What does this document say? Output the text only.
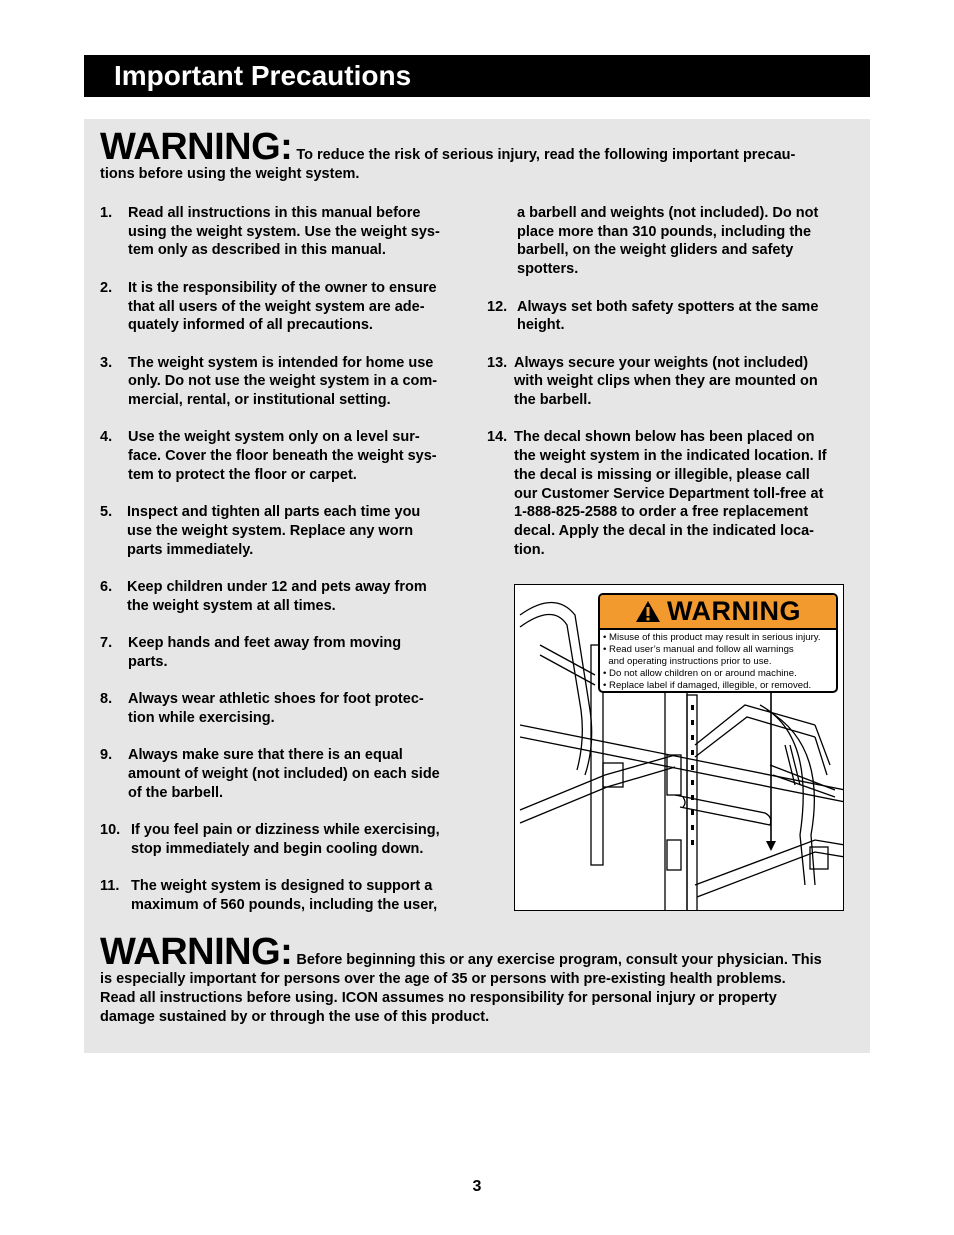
Important Precautions
WARNING: To reduce the risk of serious injury, read the following important precau-
tions before using the weight system.
1. Read all instructions in this manual before
using the weight system. Use the weight sys-
tem only as described in this manual.
2. It is the responsibility of the owner to ensure
that all users of the weight system are ade-
quately informed of all precautions.
3. The weight system is intended for home use
only. Do not use the weight system in a com-
mercial, rental, or institutional setting.
4. Use the weight system only on a level sur-
face. Cover the floor beneath the weight sys-
tem to protect the floor or carpet.
5. Inspect and tighten all parts each time you
use the weight system. Replace any worn
parts immediately.
6. Keep children under 12 and pets away from
the weight system at all times.
7. Keep hands and feet away from moving
parts.
8. Always wear athletic shoes for foot protec-
tion while exercising.
9. Always make sure that there is an equal
amount of weight (not included) on each side
of the barbell.
10. If you feel pain or dizziness while exercising,
stop immediately and begin cooling down.
11. The weight system is designed to support a
maximum of 560 pounds, including the user,
a barbell and weights (not included). Do not
place more than 310 pounds, including the
barbell, on the weight gliders and safety
spotters.
12. Always set both safety spotters at the same
height.
13. Always secure your weights (not included)
with weight clips when they are mounted on
the barbell.
14. The decal shown below has been placed on
the weight system in the indicated location. If
the decal is missing or illegible, please call
our Customer Service Department toll-free at
1-888-825-2588 to order a free replacement
decal. Apply the decal in the indicated loca-
tion.
WARNING
• Misuse of this product may result in serious injury.
• Read user’s manual and follow all warnings
and operating instructions prior to use.
• Do not allow children on or around machine.
• Replace label if damaged, illegible, or removed.
WARNING: Before beginning this or any exercise program, consult your physician. This
is especially important for persons over the age of 35 or persons with pre-existing health problems.
Read all instructions before using. ICON assumes no responsibility for personal injury or property
damage sustained by or through the use of this product.
3
